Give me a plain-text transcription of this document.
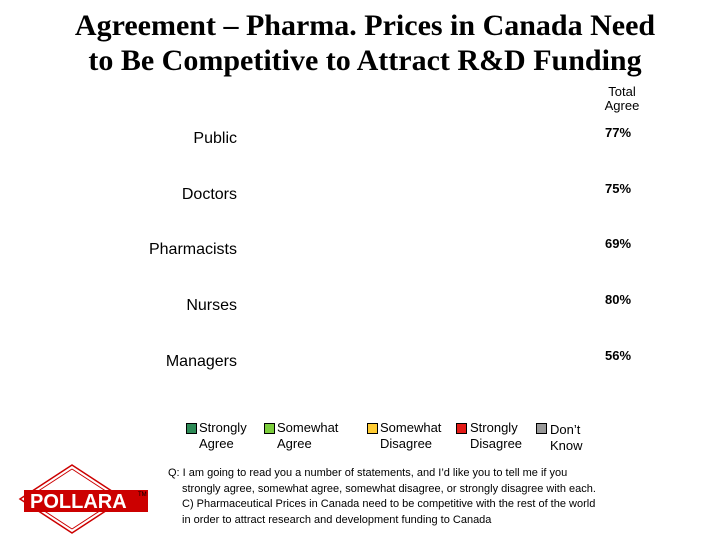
Agreement – Pharma. Prices in Canada Need
to Be Competitive to Attract R&D Funding
Total
Agree
Public	77%
Doctors	75%
Pharmacists	69%
Nurses	80%
Managers	56%
Strongly
Agree
Somewhat
Agree
Somewhat
Disagree
Strongly
Disagree
Don’t
Know
Q: I am going to read you a number of statements, and I’d like you to tell me if you
strongly agree, somewhat agree, somewhat disagree, or strongly disagree with each.
C) Pharmaceutical Prices in Canada need to be competitive with the rest of the world
in order to attract research and development funding to Canada
POLLARA TM
